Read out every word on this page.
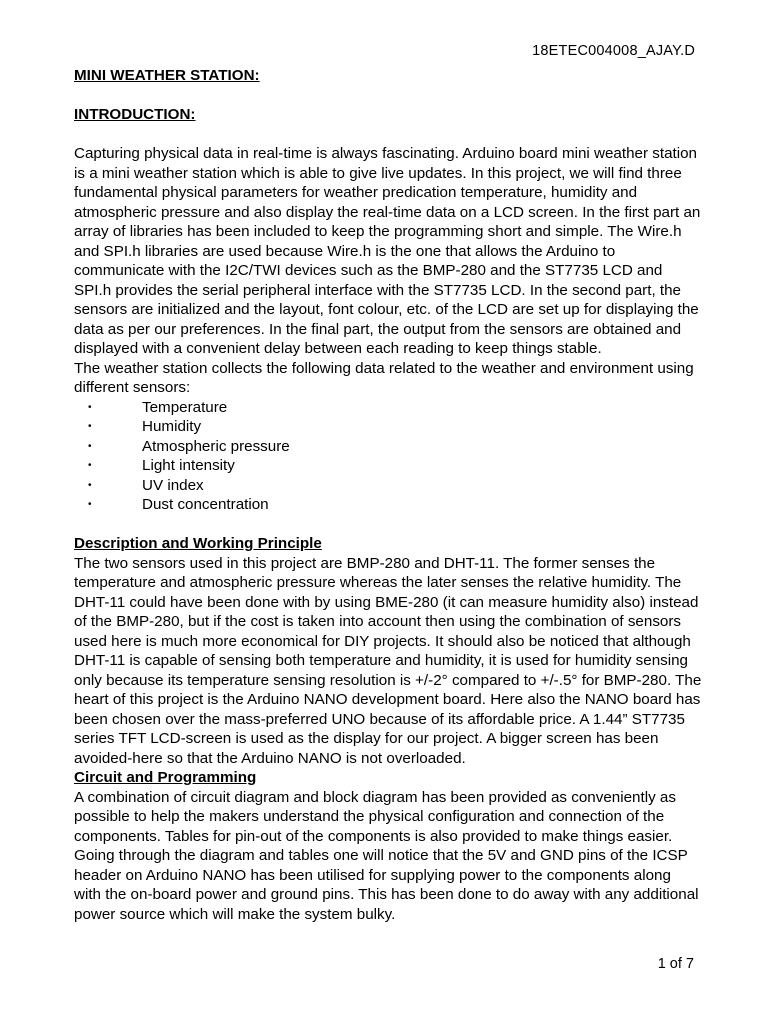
18ETEC004008_AJAY.D

MINI WEATHER STATION:

INTRODUCTION:

Capturing physical data in real-time is always fascinating. Arduino board mini weather station is a mini weather station which is able to give live updates. In this project, we will find three fundamental physical parameters for weather predication temperature, humidity and atmospheric pressure and also display the real-time data on a LCD screen. In the first part an array of libraries has been included to keep the programming short and simple. The Wire.h and SPI.h libraries are used because Wire.h is the one that allows the Arduino to communicate with the I2C/TWI devices such as the BMP-280 and the ST7735 LCD and SPI.h provides the serial peripheral interface with the ST7735 LCD. In the second part, the sensors are initialized and the layout, font colour, etc. of the LCD are set up for displaying the data as per our preferences. In the final part, the output from the sensors are obtained and displayed with a convenient delay between each reading to keep things stable.

The weather station collects the following data related to the weather and environment using different sensors:

•	Temperature
•	Humidity
•	Atmospheric pressure
•	Light intensity
•	UV index
•	Dust concentration

Description and Working Principle

The two sensors used in this project are BMP-280 and DHT-11. The former senses the temperature and atmospheric pressure whereas the later senses the relative humidity. The DHT-11 could have been done with by using BME-280 (it can measure humidity also) instead of the BMP-280, but if the cost is taken into account then using the combination of sensors used here is much more economical for DIY projects. It should also be noticed that although DHT-11 is capable of sensing both temperature and humidity, it is used for humidity sensing only because its temperature sensing resolution is +/-2° compared to +/-.5° for BMP-280. The heart of this project is the Arduino NANO development board. Here also the NANO board has been chosen over the mass-preferred UNO because of its affordable price. A 1.44” ST7735 series TFT LCD-screen is used as the display for our project. A bigger screen has been avoided-here so that the Arduino NANO is not overloaded.

Circuit and Programming

A combination of circuit diagram and block diagram has been provided as conveniently as possible to help the makers understand the physical configuration and connection of the components. Tables for pin-out of the components is also provided to make things easier. Going through the diagram and tables one will notice that the 5V and GND pins of the ICSP header on Arduino NANO has been utilised for supplying power to the components along with the on-board power and ground pins. This has been done to do away with any additional power source which will make the system bulky.

1 of 7
